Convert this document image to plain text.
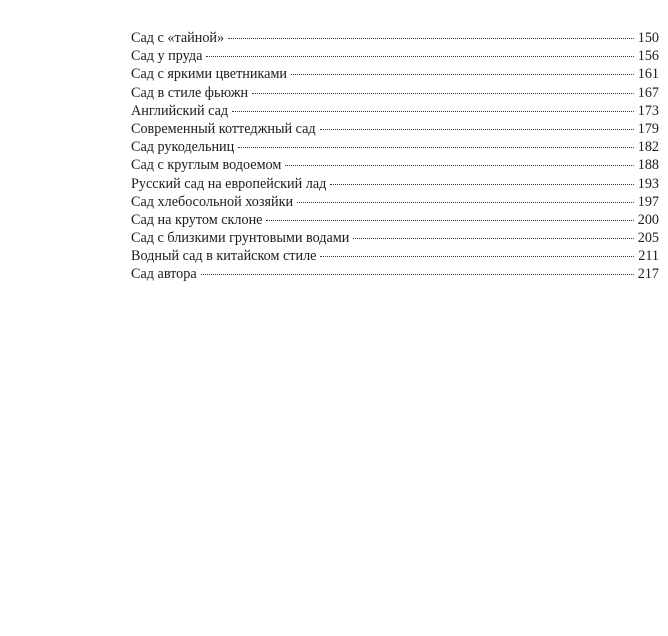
Сад с «тайной»	150
Сад у пруда	156
Сад с яркими цветниками	161
Сад в стиле фьюжн	167
Английский сад	173
Современный коттеджный сад	179
Сад рукодельниц	182
Сад с круглым водоемом	188
Русский сад на европейский лад	193
Сад хлебосольной хозяйки	197
Сад на крутом склоне	200
Сад с близкими грунтовыми водами	205
Водный сад в китайском стиле	211
Сад автора	217
